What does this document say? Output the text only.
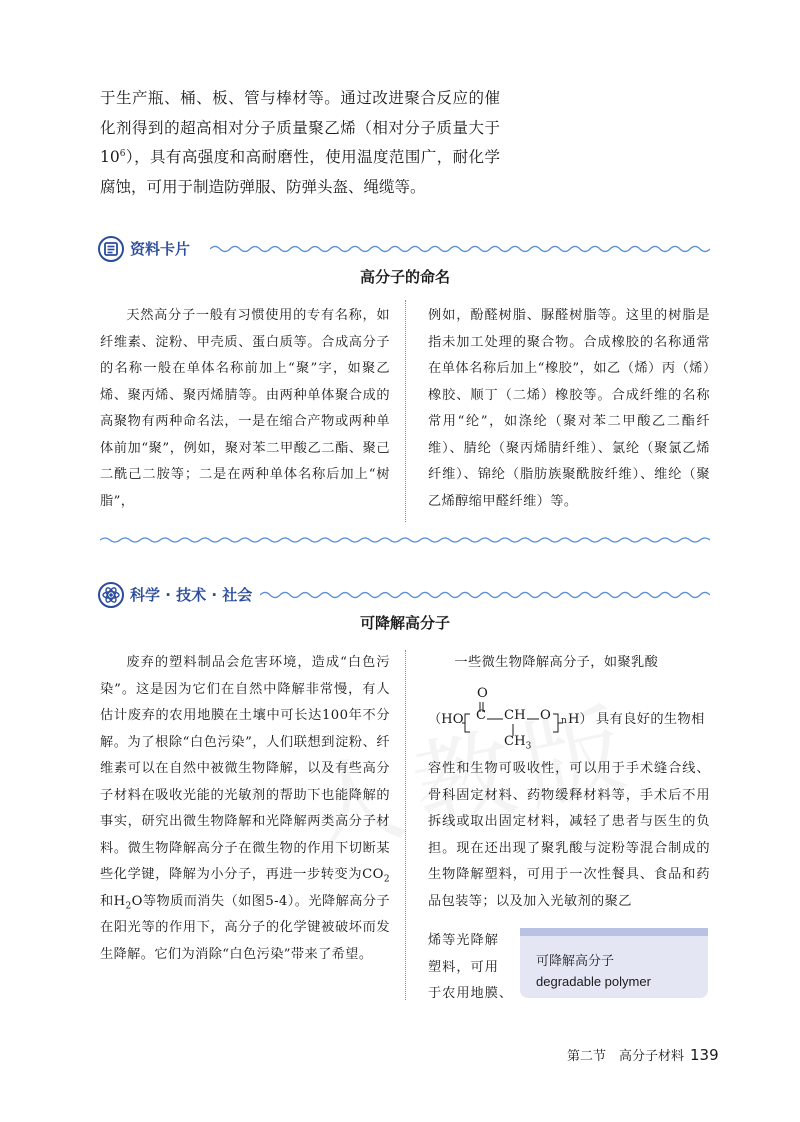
于生产瓶、桶、板、管与棒材等。通过改进聚合反应的催化剂得到的超高相对分子质量聚乙烯（相对分子质量大于$10^6$），具有高强度和高耐磨性，使用温度范围广，耐化学腐蚀，可用于制造防弹服、防弹头盔、绳缆等。

资料卡片
高分子的命名

天然高分子一般有习惯使用的专有名称，如纤维素、淀粉、甲壳质、蛋白质等。合成高分子的名称一般在单体名称前加上“聚”字，如聚乙烯、聚丙烯、聚丙烯腈等。由两种单体聚合成的高聚物有两种命名法，一是在缩合产物或两种单体前加“聚”，例如，聚对苯二甲酸乙二酯、聚己二酰己二胺等；二是在两种单体名称后加上“树脂”，

例如，酚醛树脂、脲醛树脂等。这里的树脂是指未加工处理的聚合物。合成橡胶的名称通常在单体名称后加上“橡胶”，如乙（烯）丙（烯）橡胶、顺丁（二烯）橡胶等。合成纤维的名称常用“纶”，如涤纶（聚对苯二甲酸乙二酯纤维）、腈纶（聚丙烯腈纤维）、氯纶（聚氯乙烯纤维）、锦纶（脂肪族聚酰胺纤维）、维纶（聚乙烯醇缩甲醛纤维）等。

科学 · 技术 · 社会
可降解高分子

废弃的塑料制品会危害环境，造成“白色污染”。这是因为它们在自然中降解非常慢，有人估计废弃的农用地膜在土壤中可长达100年不分解。为了根除“白色污染”，人们联想到淀粉、纤维素可以在自然中被微生物降解，以及有些高分子材料在吸收光能的光敏剂的帮助下也能降解的事实，研究出微生物降解和光降解两类高分子材料。微生物降解高分子在微生物的作用下切断某些化学键，降解为小分子，再进一步转变为$CO_2$和$H_2O$等物质而消失（如图5-4）。光降解高分子在阳光等的作用下，高分子的化学键被破坏而发生降解。它们为消除“白色污染”带来了希望。

一些微生物降解高分子，如聚乳酸

（HO
O
C CH O n H）
$CH_3$
具有良好的生物相

容性和生物可吸收性，可以用于手术缝合线、骨科固定材料、药物缓释材料等，手术后不用拆线或取出固定材料，减轻了患者与医生的负担。现在还出现了聚乳酸与淀粉等混合制成的生物降解塑料，可用于一次性餐具、食品和药品包装等；以及加入光敏剂的聚乙

烯等光降解

塑料，可用

于农用地膜、

可降解高分子
degradable polymer
第二节　高分子材料 139
